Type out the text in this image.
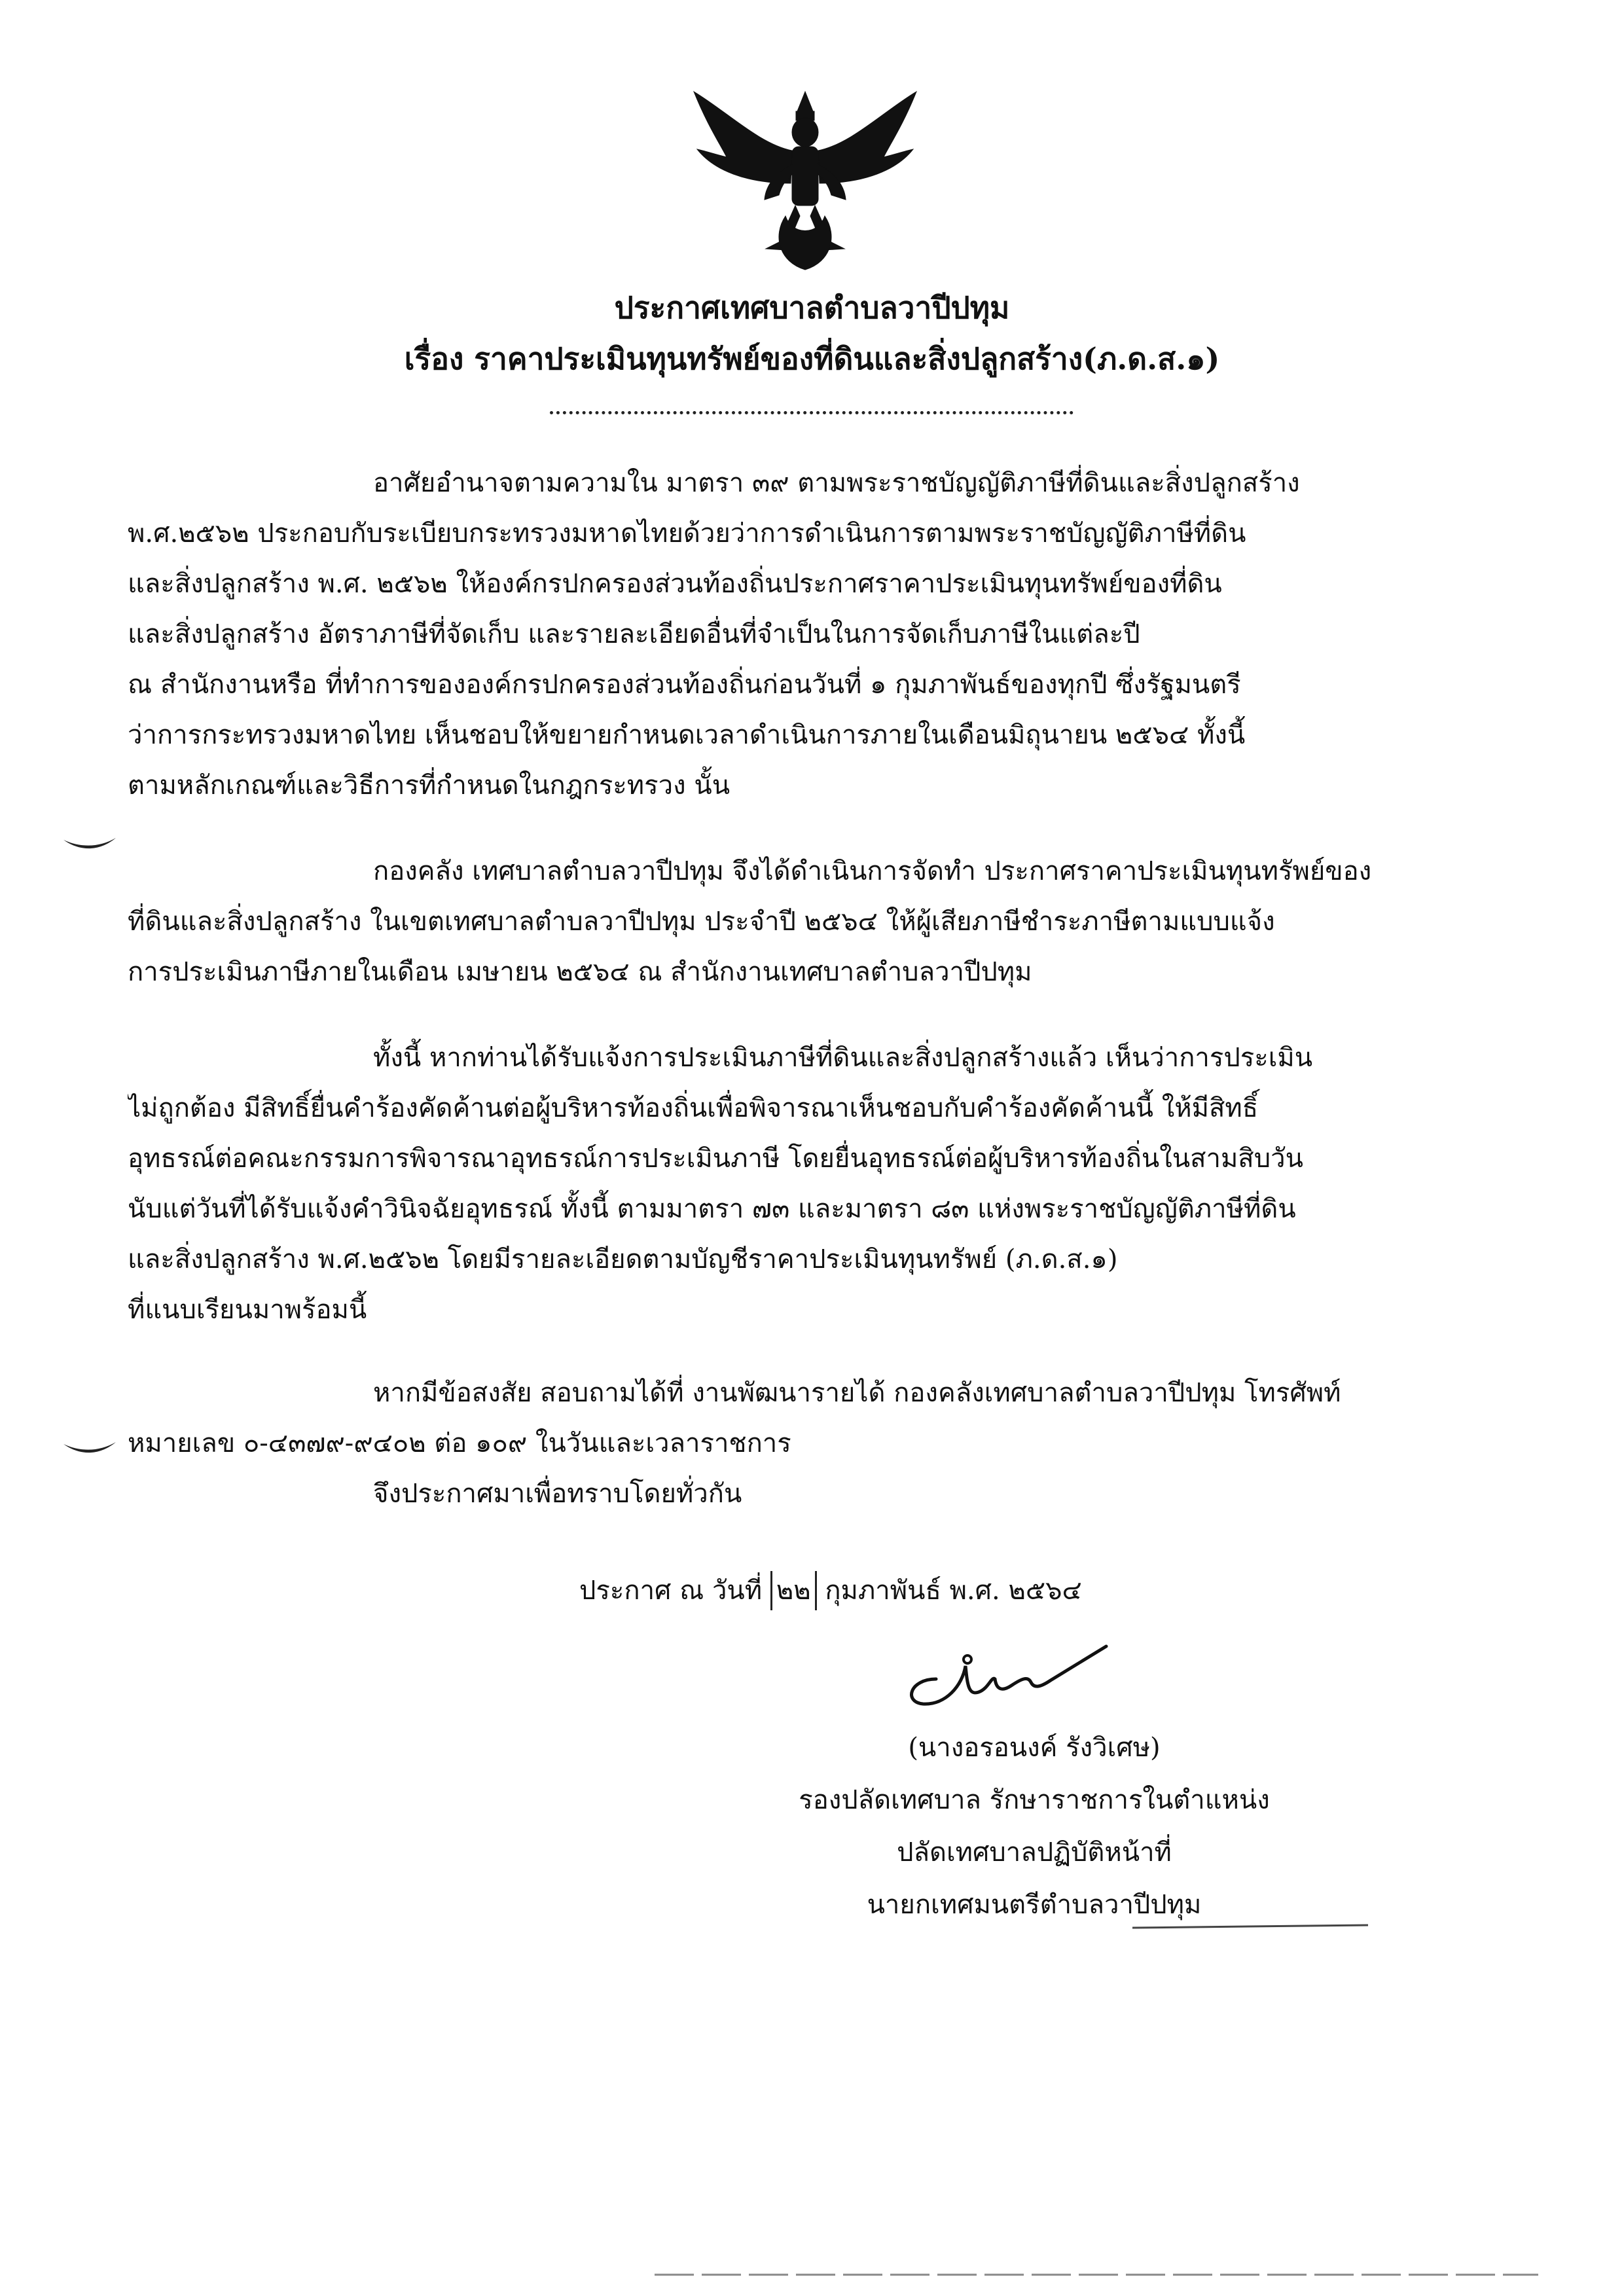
ประกาศเทศบาลตำบลวาปีปทุม
เรื่อง ราคาประเมินทุนทรัพย์ของที่ดินและสิ่งปลูกสร้าง(ภ.ด.ส.๑)
อาศัยอำนาจตามความใน มาตรา ๓๙ ตามพระราชบัญญัติภาษีที่ดินและสิ่งปลูกสร้าง
พ.ศ.๒๕๖๒ ประกอบกับระเบียบกระทรวงมหาดไทยด้วยว่าการดำเนินการตามพระราชบัญญัติภาษีที่ดิน
และสิ่งปลูกสร้าง พ.ศ. ๒๕๖๒ ให้องค์กรปกครองส่วนท้องถิ่นประกาศราคาประเมินทุนทรัพย์ของที่ดิน
และสิ่งปลูกสร้าง อัตราภาษีที่จัดเก็บ และรายละเอียดอื่นที่จำเป็นในการจัดเก็บภาษีในแต่ละปี
ณ สำนักงานหรือ ที่ทำการขององค์กรปกครองส่วนท้องถิ่นก่อนวันที่ ๑ กุมภาพันธ์ของทุกปี ซึ่งรัฐมนตรี
ว่าการกระทรวงมหาดไทย เห็นชอบให้ขยายกำหนดเวลาดำเนินการภายในเดือนมิถุนายน ๒๕๖๔ ทั้งนี้
ตามหลักเกณฑ์และวิธีการที่กำหนดในกฎกระทรวง นั้น
กองคลัง เทศบาลตำบลวาปีปทุม จึงได้ดำเนินการจัดทำ ประกาศราคาประเมินทุนทรัพย์ของ
ที่ดินและสิ่งปลูกสร้าง ในเขตเทศบาลตำบลวาปีปทุม ประจำปี ๒๕๖๔ ให้ผู้เสียภาษีชำระภาษีตามแบบแจ้ง
การประเมินภาษีภายในเดือน เมษายน ๒๕๖๔ ณ สำนักงานเทศบาลตำบลวาปีปทุม
ทั้งนี้ หากท่านได้รับแจ้งการประเมินภาษีที่ดินและสิ่งปลูกสร้างแล้ว เห็นว่าการประเมิน
ไม่ถูกต้อง มีสิทธิ์ยื่นคำร้องคัดค้านต่อผู้บริหารท้องถิ่นเพื่อพิจารณาเห็นชอบกับคำร้องคัดค้านนี้ ให้มีสิทธิ์
อุทธรณ์ต่อคณะกรรมการพิจารณาอุทธรณ์การประเมินภาษี โดยยื่นอุทธรณ์ต่อผู้บริหารท้องถิ่นในสามสิบวัน
นับแต่วันที่ได้รับแจ้งคำวินิจฉัยอุทธรณ์ ทั้งนี้ ตามมาตรา ๗๓ และมาตรา ๘๓ แห่งพระราชบัญญัติภาษีที่ดิน
และสิ่งปลูกสร้าง พ.ศ.๒๕๖๒ โดยมีรายละเอียดตามบัญชีราคาประเมินทุนทรัพย์ (ภ.ด.ส.๑)
ที่แนบเรียนมาพร้อมนี้
หากมีข้อสงสัย สอบถามได้ที่ งานพัฒนารายได้ กองคลังเทศบาลตำบลวาปีปทุม โทรศัพท์
หมายเลข ๐-๔๓๗๙-๙๔๐๒ ต่อ ๑๐๙ ในวันและเวลาราชการ
จึงประกาศมาเพื่อทราบโดยทั่วกัน
ประกาศ ณ วันที่ ๒๒ กุมภาพันธ์ พ.ศ. ๒๕๖๔
(นางอรอนงค์ รังวิเศษ)
รองปลัดเทศบาล รักษาราชการในตำแหน่ง
ปลัดเทศบาลปฏิบัติหน้าที่
นายกเทศมนตรีตำบลวาปีปทุม
